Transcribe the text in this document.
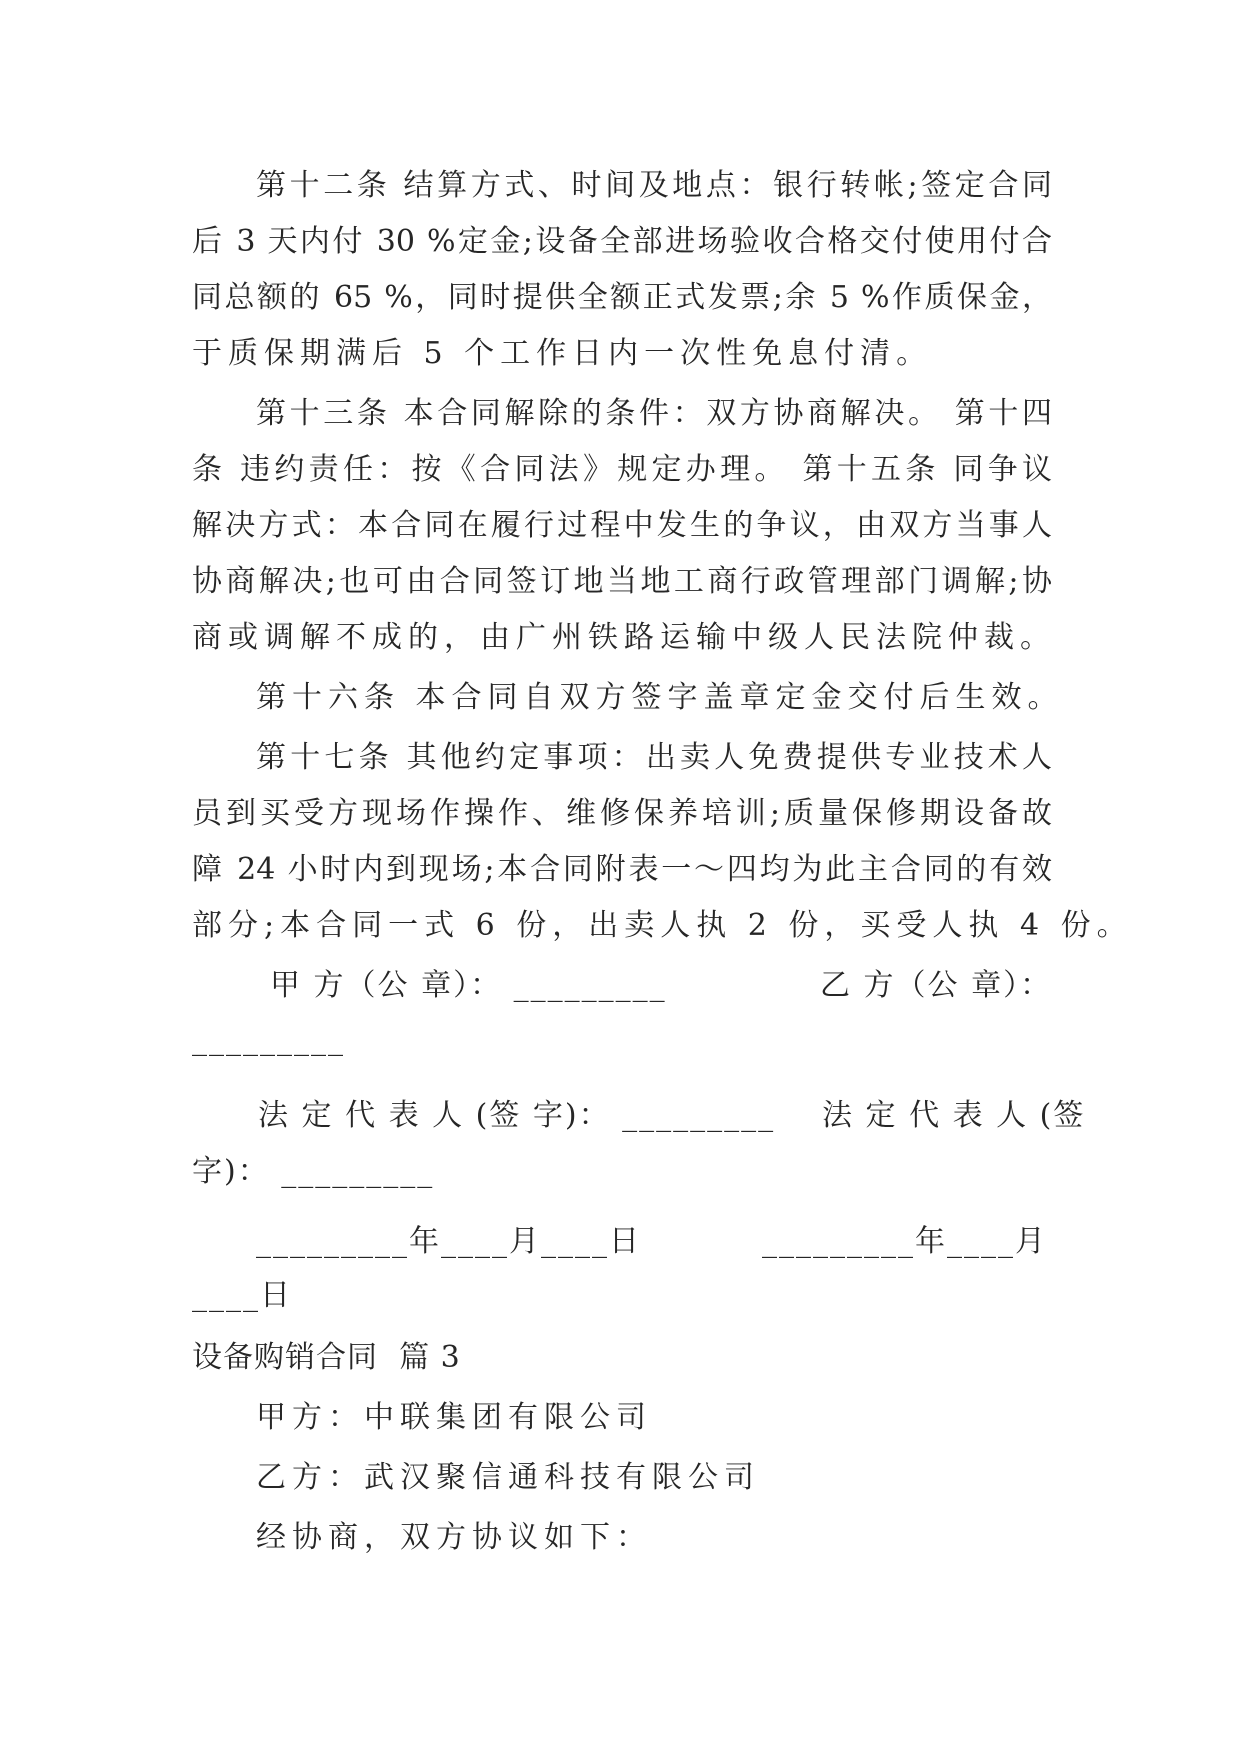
第十二条 结算方式、时间及地点：银行转帐;签定合同
后 3 天内付 30 %定金;设备全部进场验收合格交付使用付合
同总额的 65 %，同时提供全额正式发票;余 5 %作质保金，
于质保期满后 5 个工作日内一次性免息付清。
第十三条 本合同解除的条件：双方协商解决。 第十四
条 违约责任：按《合同法》规定办理。 第十五条 同争议
解决方式：本合同在履行过程中发生的争议，由双方当事人
协商解决;也可由合同签订地当地工商行政管理部门调解;协
商或调解不成的，由广州铁路运输中级人民法院仲裁。
第十六条 本合同自双方签字盖章定金交付后生效。
第十七条 其他约定事项：出卖人免费提供专业技术人
员到买受方现场作操作、维修保养培训;质量保修期设备故
障 24 小时内到现场;本合同附表一～四均为此主合同的有效
部分;本合同一式 6 份，出卖人执 2 份，买受人执 4 份。
甲 方（公 章）： _________	乙 方（公 章）：
_________
法 定 代 表 人 (签 字)： _________ 法 定 代 表 人 (签
字)： _________
_________年____月____日	_________年____月
____日
设备购销合同  篇 3
甲方：中联集团有限公司
乙方：武汉聚信通科技有限公司
经协商，双方协议如下：
